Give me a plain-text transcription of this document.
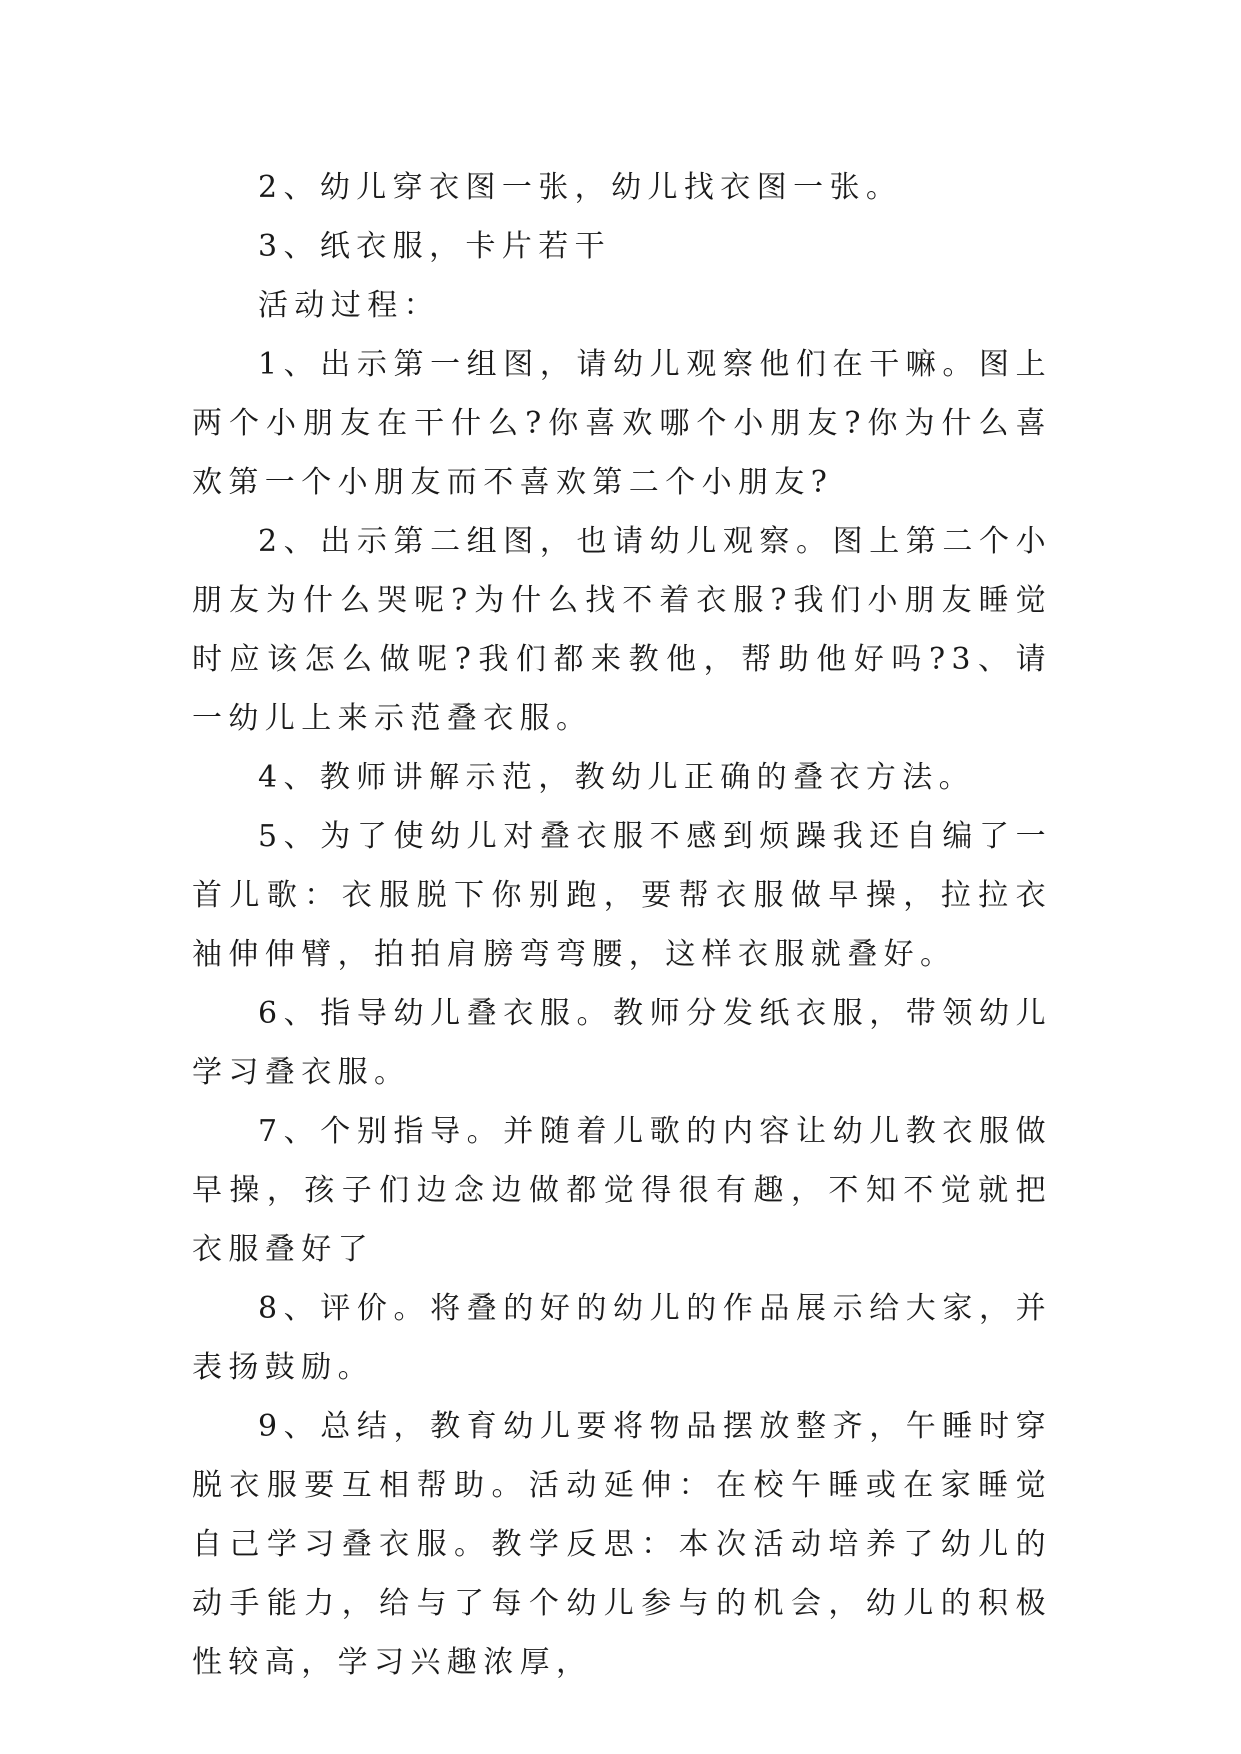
2、幼儿穿衣图一张，幼儿找衣图一张。

3、纸衣服，卡片若干

活动过程：

1、出示第一组图，请幼儿观察他们在干嘛。图上两个小朋友在干什么?你喜欢哪个小朋友?你为什么喜欢第一个小朋友而不喜欢第二个小朋友?

2、出示第二组图，也请幼儿观察。图上第二个小朋友为什么哭呢?为什么找不着衣服?我们小朋友睡觉时应该怎么做呢?我们都来教他，帮助他好吗?3、请一幼儿上来示范叠衣服。

4、教师讲解示范，教幼儿正确的叠衣方法。

5、为了使幼儿对叠衣服不感到烦躁我还自编了一首儿歌：衣服脱下你别跑，要帮衣服做早操，拉拉衣袖伸伸臂，拍拍肩膀弯弯腰，这样衣服就叠好。

6、指导幼儿叠衣服。教师分发纸衣服，带领幼儿学习叠衣服。

7、个别指导。并随着儿歌的内容让幼儿教衣服做早操，孩子们边念边做都觉得很有趣，不知不觉就把衣服叠好了

8、评价。将叠的好的幼儿的作品展示给大家，并表扬鼓励。

9、总结，教育幼儿要将物品摆放整齐，午睡时穿脱衣服要互相帮助。活动延伸：在校午睡或在家睡觉自己学习叠衣服。教学反思：本次活动培养了幼儿的动手能力，给与了每个幼儿参与的机会，幼儿的积极性较高，学习兴趣浓厚，
